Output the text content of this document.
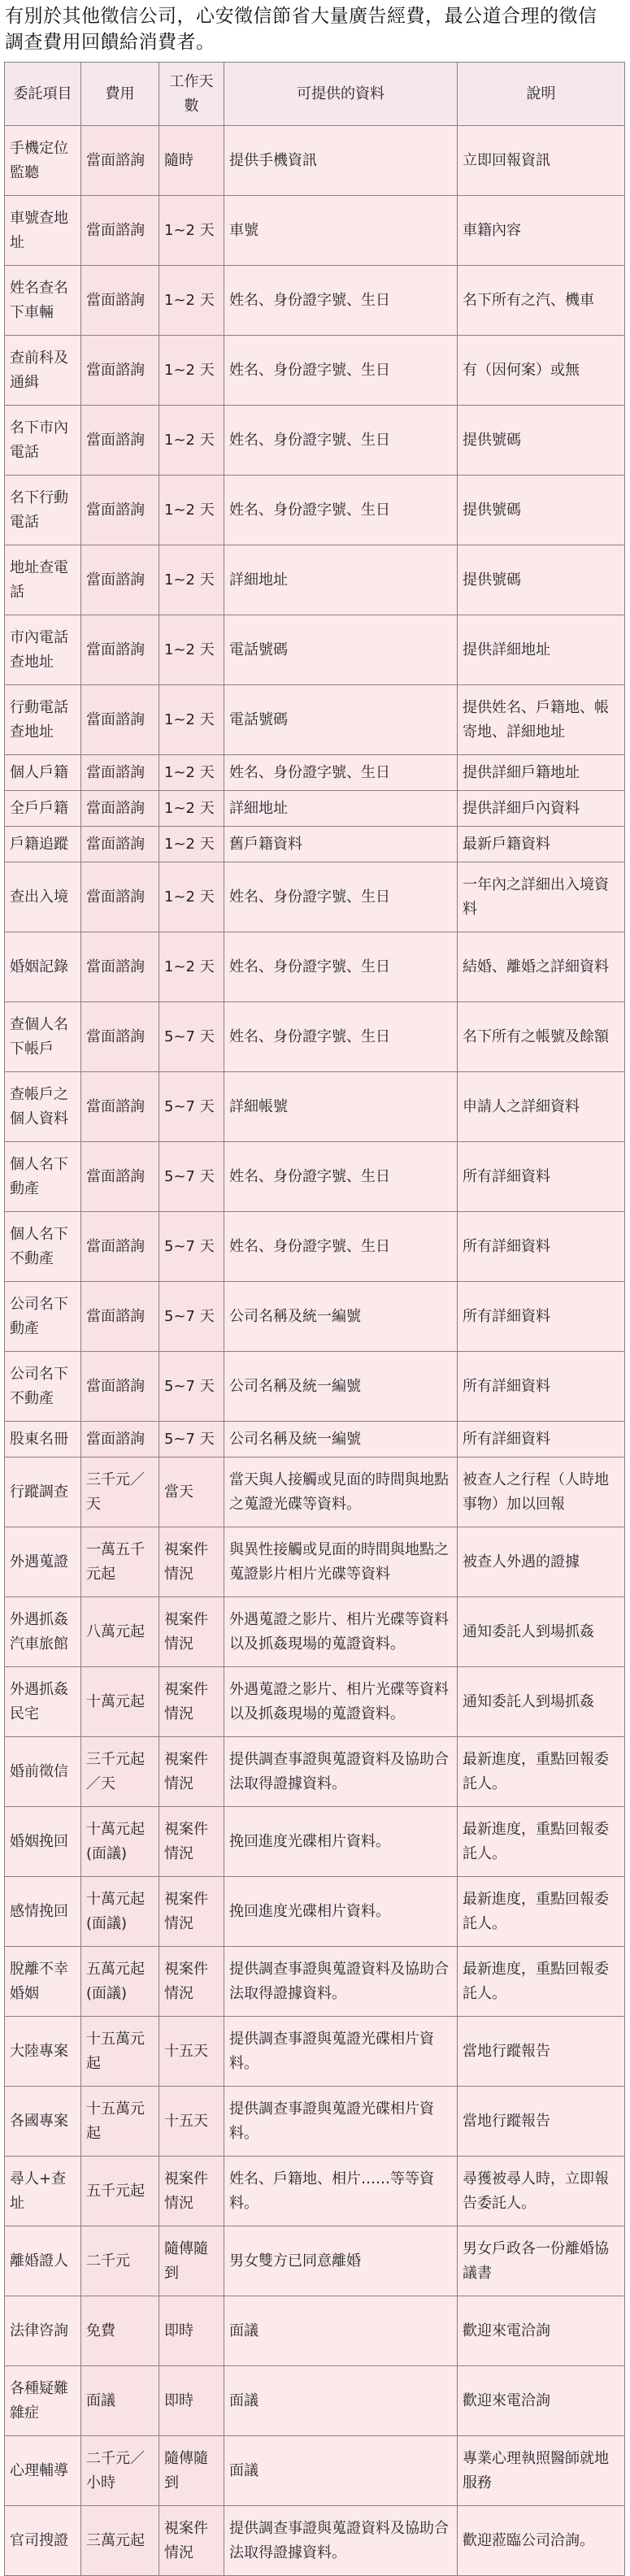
有別於其他徵信公司，心安徵信節省大量廣告經費，最公道合理的徵信調查費用回饋給消費者。
委託項目	費用	工作天數	可提供的資料	說明
手機定位監聽	當面諮詢	隨時	提供手機資訊	立即回報資訊
車號查地址	當面諮詢	1~2 天	車號	車籍內容
姓名查名下車輛	當面諮詢	1~2 天	姓名、身份證字號、生日	名下所有之汽、機車
查前科及通緝	當面諮詢	1~2 天	姓名、身份證字號、生日	有（因何案）或無
名下市內電話	當面諮詢	1~2 天	姓名、身份證字號、生日	提供號碼
名下行動電話	當面諮詢	1~2 天	姓名、身份證字號、生日	提供號碼
地址查電話	當面諮詢	1~2 天	詳細地址	提供號碼
市內電話查地址	當面諮詢	1~2 天	電話號碼	提供詳細地址
行動電話查地址	當面諮詢	1~2 天	電話號碼	提供姓名、戶籍地、帳寄地、詳細地址
個人戶籍	當面諮詢	1~2 天	姓名、身份證字號、生日	提供詳細戶籍地址
全戶戶籍	當面諮詢	1~2 天	詳細地址	提供詳細戶內資料
戶籍追蹤	當面諮詢	1~2 天	舊戶籍資料	最新戶籍資料
查出入境	當面諮詢	1~2 天	姓名、身份證字號、生日	一年內之詳細出入境資料
婚姻記錄	當面諮詢	1~2 天	姓名、身份證字號、生日	結婚、離婚之詳細資料
查個人名下帳戶	當面諮詢	5~7 天	姓名、身份證字號、生日	名下所有之帳號及餘額
查帳戶之個人資料	當面諮詢	5~7 天	詳細帳號	申請人之詳細資料
個人名下動產	當面諮詢	5~7 天	姓名、身份證字號、生日	所有詳細資料
個人名下不動產	當面諮詢	5~7 天	姓名、身份證字號、生日	所有詳細資料
公司名下動產	當面諮詢	5~7 天	公司名稱及統一編號	所有詳細資料
公司名下不動產	當面諮詢	5~7 天	公司名稱及統一編號	所有詳細資料
股東名冊	當面諮詢	5~7 天	公司名稱及統一編號	所有詳細資料
行蹤調查	三千元／天	當天	當天與人接觸或見面的時間與地點之蒐證光碟等資料。	被查人之行程（人時地事物）加以回報
外遇蒐證	一萬五千元起	視案件情況	與異性接觸或見面的時間與地點之蒐證影片相片光碟等資料	被查人外遇的證據
外遇抓姦汽車旅館	八萬元起	視案件情況	外遇蒐證之影片、相片光碟等資料以及抓姦現場的蒐證資料。	通知委託人到場抓姦
外遇抓姦民宅	十萬元起	視案件情況	外遇蒐證之影片、相片光碟等資料以及抓姦現場的蒐證資料。	通知委託人到場抓姦
婚前徵信	三千元起／天	視案件情況	提供調查事證與蒐證資料及協助合法取得證據資料。	最新進度，重點回報委託人。
婚姻挽回	十萬元起(面議)	視案件情況	挽回進度光碟相片資料。	最新進度，重點回報委託人。
感情挽回	十萬元起(面議)	視案件情況	挽回進度光碟相片資料。	最新進度，重點回報委託人。
脫離不幸婚姻	五萬元起(面議)	視案件情況	提供調查事證與蒐證資料及協助合法取得證據資料。	最新進度，重點回報委託人。
大陸專案	十五萬元起	十五天	提供調查事證與蒐證光碟相片資料。	當地行蹤報告
各國專案	十五萬元起	十五天	提供調查事證與蒐證光碟相片資料。	當地行蹤報告
尋人+查址	五千元起	視案件情況	姓名、戶籍地、相片……等等資料。	尋獲被尋人時，立即報告委託人。
離婚證人	二千元	隨傳隨到	男女雙方已同意離婚	男女戶政各一份離婚協議書
法律咨詢	免費	即時	面議	歡迎來電洽詢
各種疑難雜症	面議	即時	面議	歡迎來電洽詢
心理輔導	二千元／小時	隨傳隨到	面議	專業心理執照醫師就地服務
官司搜證	三萬元起	視案件情況	提供調查事證與蒐證資料及協助合法取得證據資料。	歡迎蒞臨公司洽詢。
